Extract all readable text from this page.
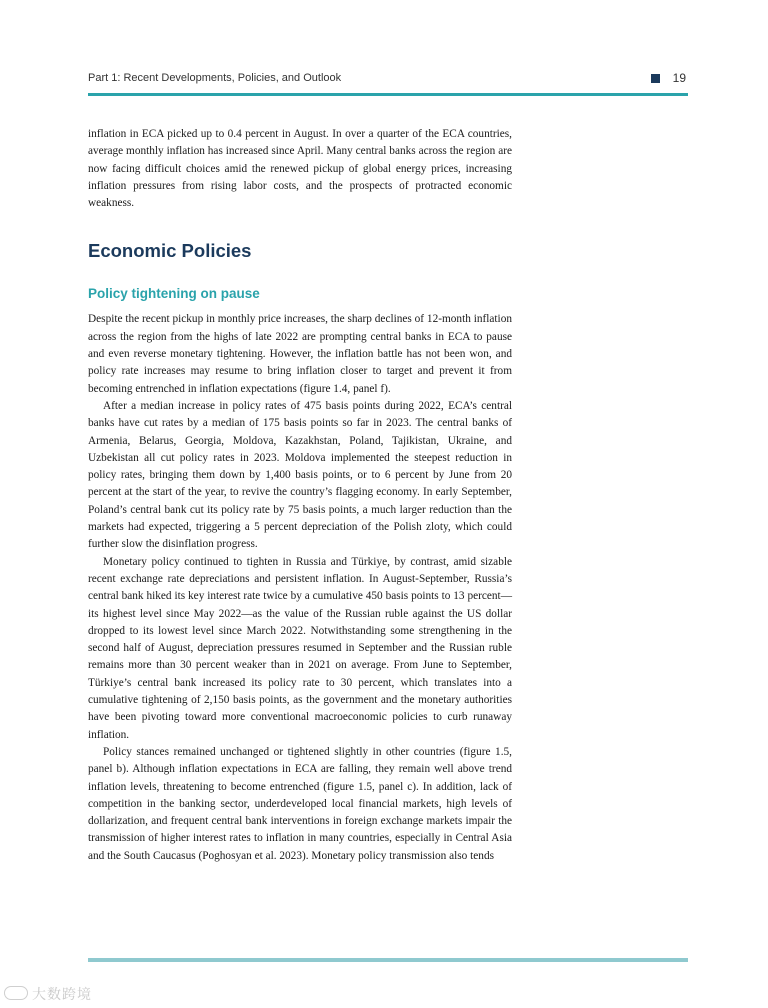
Part 1: Recent Developments, Policies, and Outlook	19

inflation in ECA picked up to 0.4 percent in August. In over a quarter of the ECA countries, average monthly inflation has increased since April. Many central banks across the region are now facing difficult choices amid the renewed pickup of global energy prices, increasing inflation pressures from rising labor costs, and the prospects of protracted economic weakness.

Economic Policies
Policy tightening on pause

Despite the recent pickup in monthly price increases, the sharp declines of 12-month inflation across the region from the highs of late 2022 are prompting central banks in ECA to pause and even reverse monetary tightening. However, the inflation battle has not been won, and policy rate increases may resume to bring inflation closer to target and prevent it from becoming entrenched in inflation expectations (figure 1.4, panel f).

After a median increase in policy rates of 475 basis points during 2022, ECA’s central banks have cut rates by a median of 175 basis points so far in 2023. The central banks of Armenia, Belarus, Georgia, Moldova, Kazakhstan, Poland, Tajikistan, Ukraine, and Uzbekistan all cut policy rates in 2023. Moldova implemented the steepest reduction in policy rates, bringing them down by 1,400 basis points, or to 6 percent by June from 20 percent at the start of the year, to revive the country’s flagging economy. In early September, Poland’s central bank cut its policy rate by 75 basis points, a much larger reduction than the markets had expected, triggering a 5 percent depreciation of the Polish zloty, which could further slow the disinflation progress.

Monetary policy continued to tighten in Russia and Türkiye, by contrast, amid sizable recent exchange rate depreciations and persistent inflation. In August-September, Russia’s central bank hiked its key interest rate twice by a cumulative 450 basis points to 13 percent—its highest level since May 2022—as the value of the Russian ruble against the US dollar dropped to its lowest level since March 2022. Notwithstanding some strengthening in the second half of August, depreciation pressures resumed in September and the Russian ruble remains more than 30 percent weaker than in 2021 on average. From June to September, Türkiye’s central bank increased its policy rate to 30 percent, which translates into a cumulative tightening of 2,150 basis points, as the government and the monetary authorities have been pivoting toward more conventional macroeconomic policies to curb runaway inflation.

Policy stances remained unchanged or tightened slightly in other countries (figure 1.5, panel b). Although inflation expectations in ECA are falling, they remain well above trend inflation levels, threatening to become entrenched (figure 1.5, panel c). In addition, lack of competition in the banking sector, underdeveloped local financial markets, high levels of dollarization, and frequent central bank interventions in foreign exchange markets impair the transmission of higher interest rates to inflation in many countries, especially in Central Asia and the South Caucasus (Poghosyan et al. 2023). Monetary policy transmission also tends

大数跨境
